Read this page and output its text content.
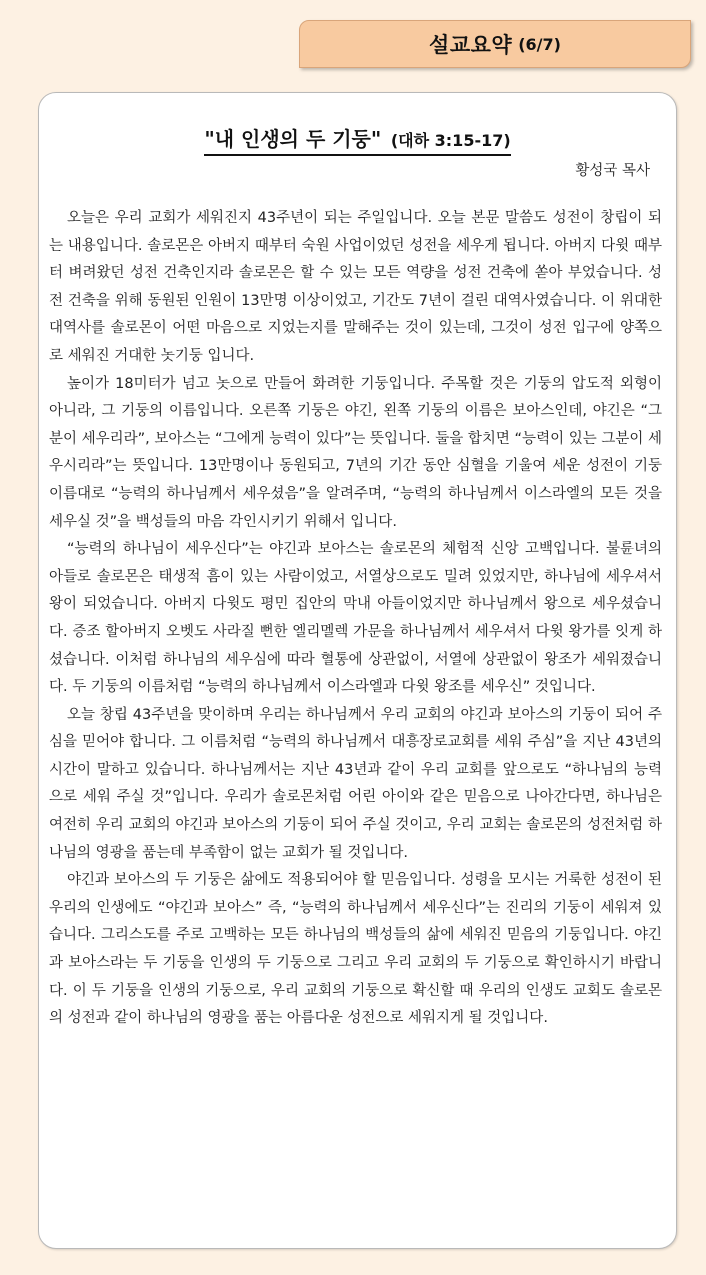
설교요약 (6/7)
"내 인생의 두 기둥" (대하 3:15-17)
황성국 목사

오늘은 우리 교회가 세워진지 43주년이 되는 주일입니다. 오늘 본문 말씀도 성전이 창립이 되는 내용입니다. 솔로몬은 아버지 때부터 숙원 사업이었던 성전을 세우게 됩니다. 아버지 다윗 때부터 벼려왔던 성전 건축인지라 솔로몬은 할 수 있는 모든 역량을 성전 건축에 쏟아 부었습니다. 성전 건축을 위해 동원된 인원이 13만명 이상이었고, 기간도 7년이 걸린 대역사였습니다. 이 위대한 대역사를 솔로몬이 어떤 마음으로 지었는지를 말해주는 것이 있는데, 그것이 성전 입구에 양쪽으로 세워진 거대한 놋기둥 입니다.

높이가 18미터가 넘고 놋으로 만들어 화려한 기둥입니다. 주목할 것은 기둥의 압도적 외형이 아니라, 그 기둥의 이름입니다. 오른쪽 기둥은 야긴, 왼쪽 기둥의 이름은 보아스인데, 야긴은 “그분이 세우리라”, 보아스는 “그에게 능력이 있다”는 뜻입니다. 둘을 합치면 “능력이 있는 그분이 세우시리라”는 뜻입니다. 13만명이나 동원되고, 7년의 기간 동안 심혈을 기울여 세운 성전이 기둥 이름대로 “능력의 하나님께서 세우셨음”을 알려주며, “능력의 하나님께서 이스라엘의 모든 것을 세우실 것”을 백성들의 마음 각인시키기 위해서 입니다.

“능력의 하나님이 세우신다”는 야긴과 보아스는 솔로몬의 체험적 신앙 고백입니다. 불륜녀의 아들로 솔로몬은 태생적 흠이 있는 사람이었고, 서열상으로도 밀려 있었지만, 하나님에 세우셔서 왕이 되었습니다. 아버지 다윗도 평민 집안의 막내 아들이었지만 하나님께서 왕으로 세우셨습니다. 증조 할아버지 오벳도 사라질 뻔한 엘리멜렉 가문을 하나님께서 세우셔서 다윗 왕가를 잇게 하셨습니다. 이처럼 하나님의 세우심에 따라 혈통에 상관없이, 서열에 상관없이 왕조가 세워졌습니다. 두 기둥의 이름처럼 “능력의 하나님께서 이스라엘과 다윗 왕조를 세우신” 것입니다.

오늘 창립 43주년을 맞이하며 우리는 하나님께서 우리 교회의 야긴과 보아스의 기둥이 되어 주심을 믿어야 합니다. 그 이름처럼 “능력의 하나님께서 대흥장로교회를 세워 주심”을 지난 43년의 시간이 말하고 있습니다. 하나님께서는 지난 43년과 같이 우리 교회를 앞으로도 “하나님의 능력으로 세워 주실 것”입니다. 우리가 솔로몬처럼 어린 아이와 같은 믿음으로 나아간다면, 하나님은 여전히 우리 교회의 야긴과 보아스의 기둥이 되어 주실 것이고, 우리 교회는 솔로몬의 성전처럼 하나님의 영광을 품는데 부족함이 없는 교회가 될 것입니다.

야긴과 보아스의 두 기둥은 삶에도 적용되어야 할 믿음입니다. 성령을 모시는 거룩한 성전이 된 우리의 인생에도 “야긴과 보아스” 즉, “능력의 하나님께서 세우신다”는 진리의 기둥이 세워져 있습니다. 그리스도를 주로 고백하는 모든 하나님의 백성들의 삶에 세워진 믿음의 기둥입니다. 야긴과 보아스라는 두 기둥을 인생의 두 기둥으로 그리고 우리 교회의 두 기둥으로 확인하시기 바랍니다. 이 두 기둥을 인생의 기둥으로, 우리 교회의 기둥으로 확신할 때 우리의 인생도 교회도 솔로몬의 성전과 같이 하나님의 영광을 품는 아름다운 성전으로 세워지게 될 것입니다.
